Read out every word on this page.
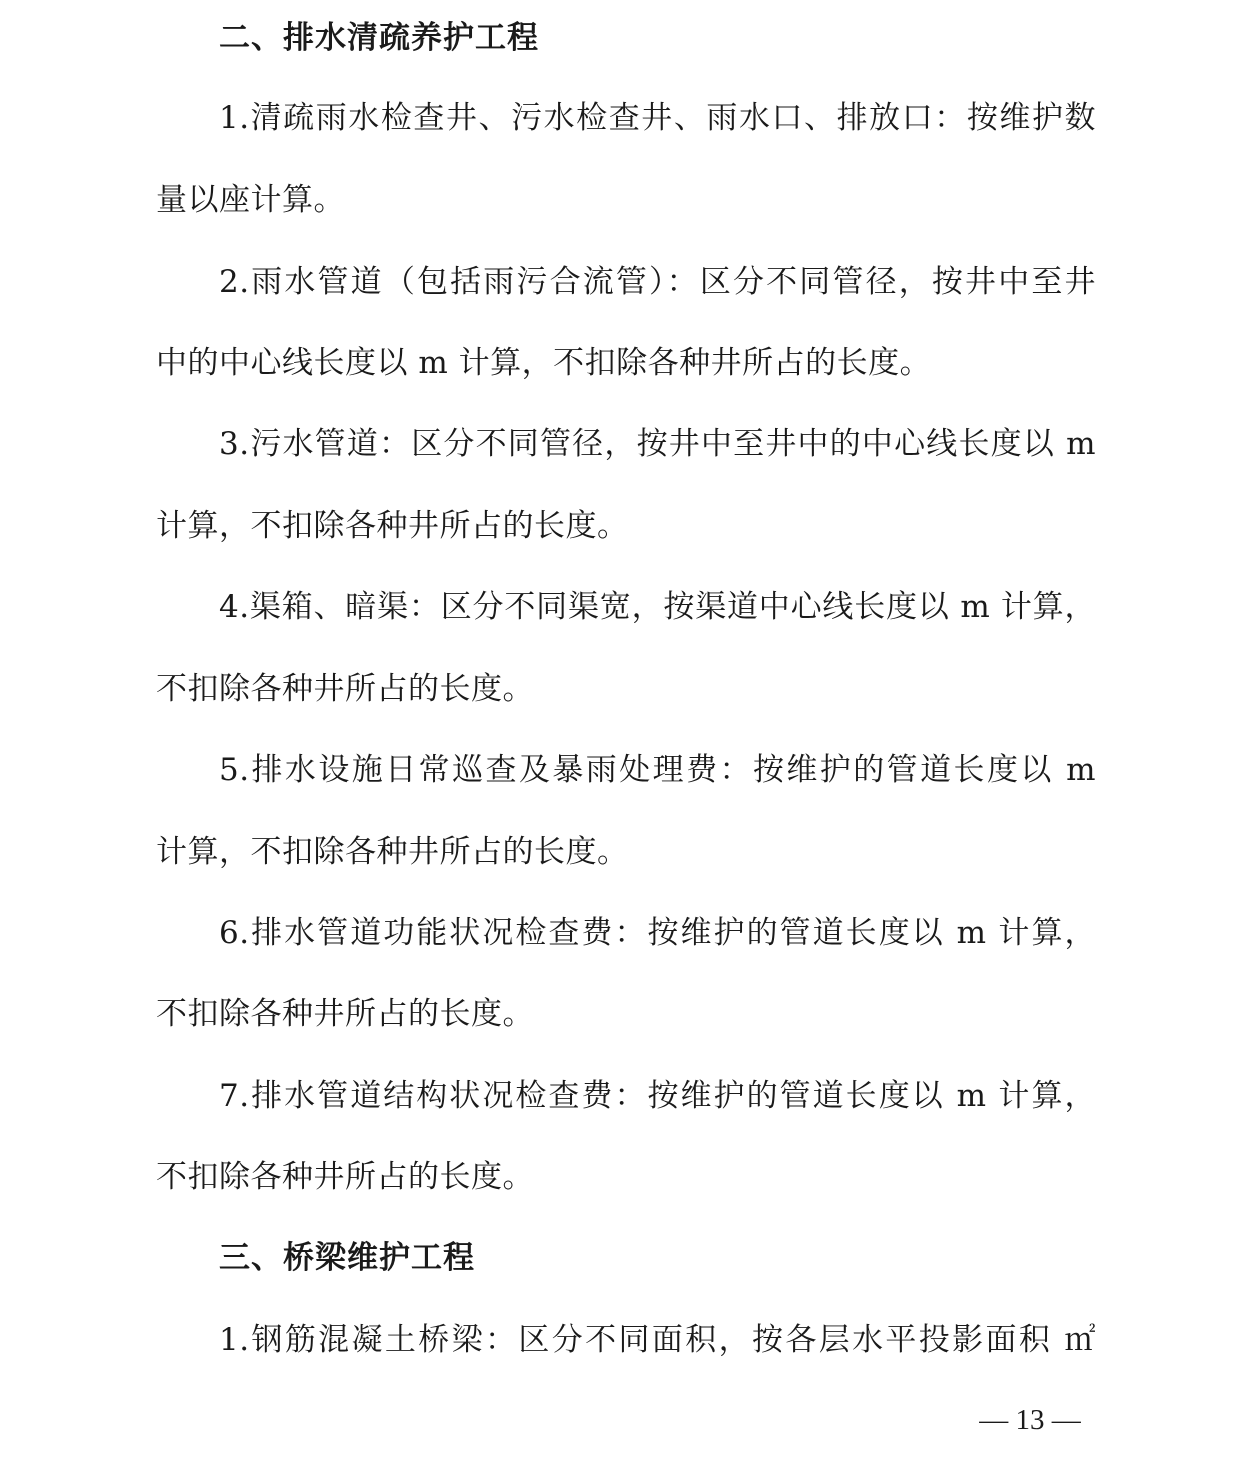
二、排水清疏养护工程
1.清疏雨水检查井、污水检查井、雨水口、排放口：按维护数
量以座计算。
2.雨水管道（包括雨污合流管）：区分不同管径，按井中至井
中的中心线长度以 m 计算，不扣除各种井所占的长度。
3.污水管道：区分不同管径，按井中至井中的中心线长度以 m
计算，不扣除各种井所占的长度。
4.渠箱、暗渠：区分不同渠宽，按渠道中心线长度以 m 计算，
不扣除各种井所占的长度。
5.排水设施日常巡查及暴雨处理费：按维护的管道长度以 m
计算，不扣除各种井所占的长度。
6.排水管道功能状况检查费：按维护的管道长度以 m 计算，
不扣除各种井所占的长度。
7.排水管道结构状况检查费：按维护的管道长度以 m 计算，
不扣除各种井所占的长度。
三、桥梁维护工程
1.钢筋混凝土桥梁：区分不同面积，按各层水平投影面积 ㎡
— 13 —
